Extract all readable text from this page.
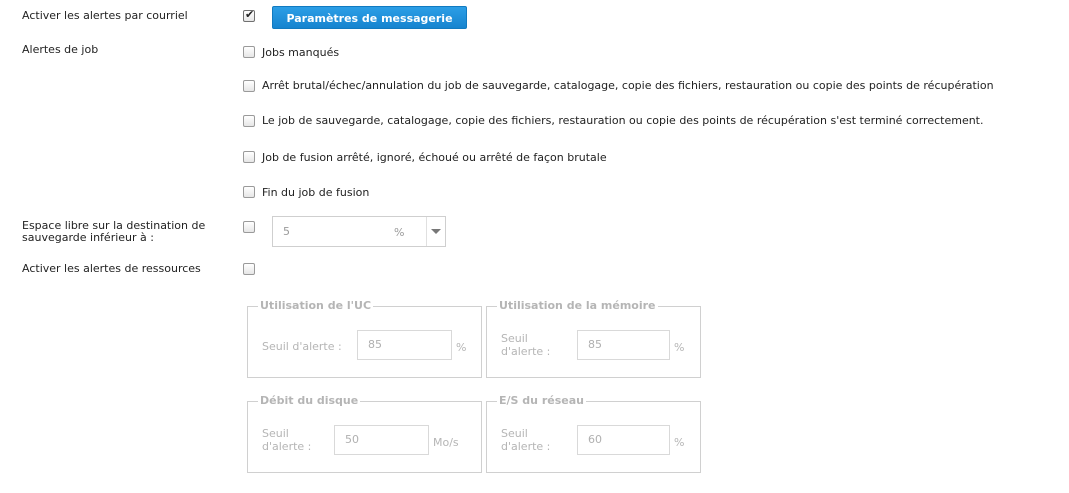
Activer les alertes par courriel	✔	Paramètres de messagerie
Alertes de job	Jobs manqués
Arrêt brutal/échec/annulation du job de sauvegarde, catalogage, copie des fichiers, restauration ou copie des points de récupération
Le job de sauvegarde, catalogage, copie des fichiers, restauration ou copie des points de récupération s'est terminé correctement.
Job de fusion arrêté, ignoré, échoué ou arrêté de façon brutale
Fin du job de fusion
Espace libre sur la destination de
sauvegarde inférieur à :	5	%
Activer les alertes de ressources
Utilisation de l'UC
Seuil d'alerte :	85	%
Utilisation de la mémoire
Seuil
d'alerte :
85	%
Débit du disque
Seuil
d'alerte :
50	Mo/s
E/S du réseau
Seuil
d'alerte :
60	%
